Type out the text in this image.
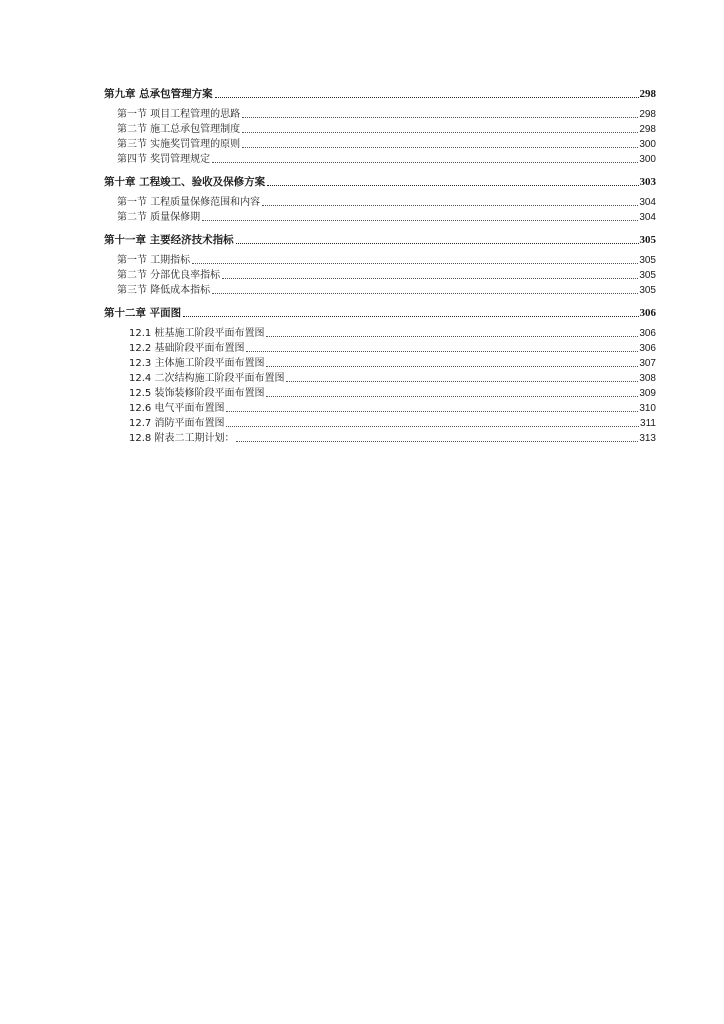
第九章 总承包管理方案	298
第一节 项目工程管理的思路	298
第二节 施工总承包管理制度	298
第三节 实施奖罚管理的原则	300
第四节 奖罚管理规定	300
第十章 工程竣工、验收及保修方案	303
第一节 工程质量保修范围和内容	304
第二节 质量保修期	304
第十一章 主要经济技术指标	305
第一节 工期指标	305
第二节 分部优良率指标	305
第三节 降低成本指标	305
第十二章 平面图	306
12.1 桩基施工阶段平面布置图	306
12.2 基础阶段平面布置图	306
12.3 主体施工阶段平面布置图	307
12.4 二次结构施工阶段平面布置图	308
12.5 装饰装修阶段平面布置图	309
12.6 电气平面布置图	310
12.7 消防平面布置图	311
12.8 附表二工期计划：	313
